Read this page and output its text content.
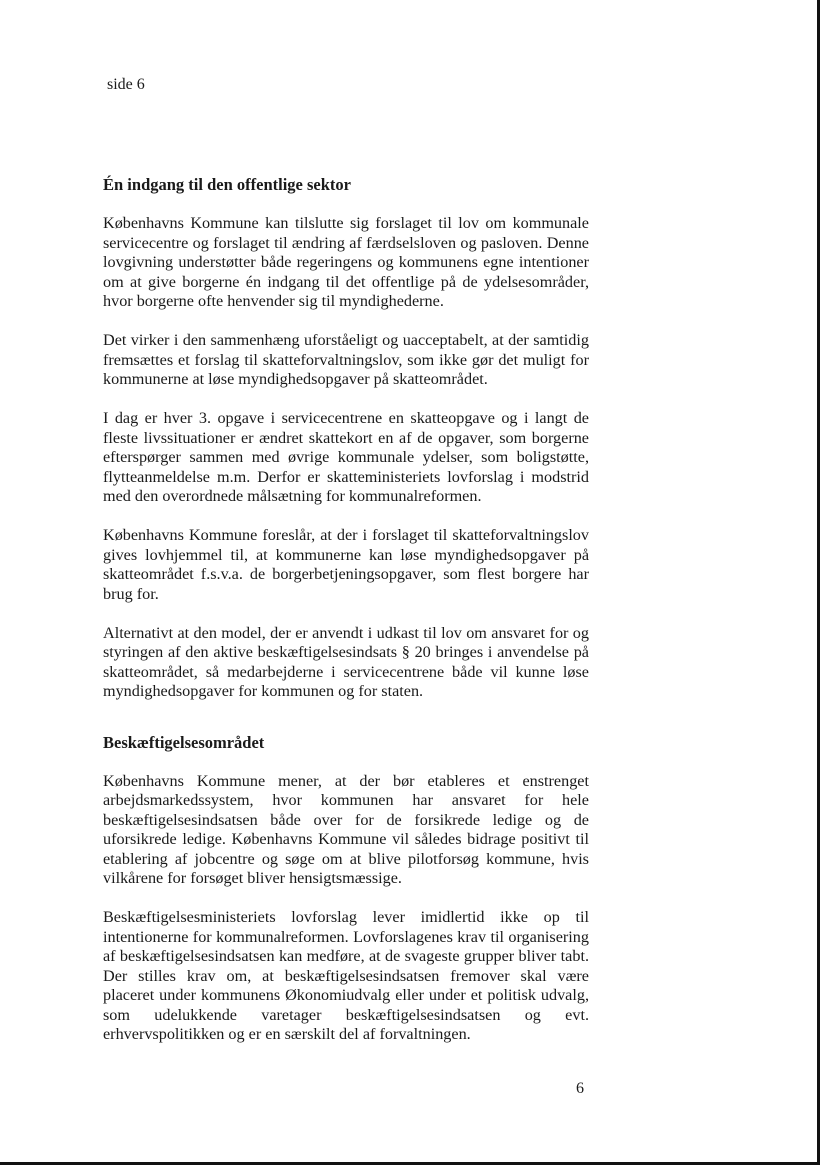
side 6
Én indgang til den offentlige sektor

Københavns Kommune kan tilslutte sig forslaget til lov om kommunale servicecentre og forslaget til ændring af færdselsloven og pasloven. Denne lovgivning understøtter både regeringens og kommunens egne intentioner om at give borgerne én indgang til det offentlige på de ydelsesområder, hvor borgerne ofte henvender sig til myndighederne.

Det virker i den sammenhæng uforståeligt og uacceptabelt, at der samtidig fremsættes et forslag til skatteforvaltningslov, som ikke gør det muligt for kommunerne at løse myndighedsopgaver på skatteområdet.

I dag er hver 3. opgave i servicecentrene en skatteopgave og i langt de fleste livssituationer er ændret skattekort en af de opgaver, som borgerne efterspørger sammen med øvrige kommunale ydelser, som boligstøtte, flytteanmeldelse m.m. Derfor er skatteministeriets lovforslag i modstrid med den overordnede målsætning for kommunalreformen.

Københavns Kommune foreslår, at der i forslaget til skatteforvaltningslov gives lovhjemmel til, at kommunerne kan løse myndighedsopgaver på skatteområdet f.s.v.a. de borgerbetjeningsopgaver, som flest borgere har brug for.

Alternativt at den model, der er anvendt i udkast til lov om ansvaret for og styringen af den aktive beskæftigelsesindsats § 20 bringes i anvendelse på skatteområdet, så medarbejderne i servicecentrene både vil kunne løse myndighedsopgaver for kommunen og for staten.

Beskæftigelsesområdet

Københavns Kommune mener, at der bør etableres et enstrenget arbejdsmarkedssystem, hvor kommunen har ansvaret for hele beskæftigelsesindsatsen både over for de forsikrede ledige og de uforsikrede ledige. Københavns Kommune vil således bidrage positivt til etablering af jobcentre og søge om at blive pilotforsøg kommune, hvis vilkårene for forsøget bliver hensigtsmæssige.

Beskæftigelsesministeriets lovforslag lever imidlertid ikke op til intentionerne for kommunalreformen. Lovforslagenes krav til organisering af beskæftigelsesindsatsen kan medføre, at de svageste grupper bliver tabt. Der stilles krav om, at beskæftigelsesindsatsen fremover skal være placeret under kommunens Økonomiudvalg eller under et politisk udvalg, som udelukkende varetager beskæftigelsesindsatsen og evt. erhvervspolitikken og er en særskilt del af forvaltningen.

6
